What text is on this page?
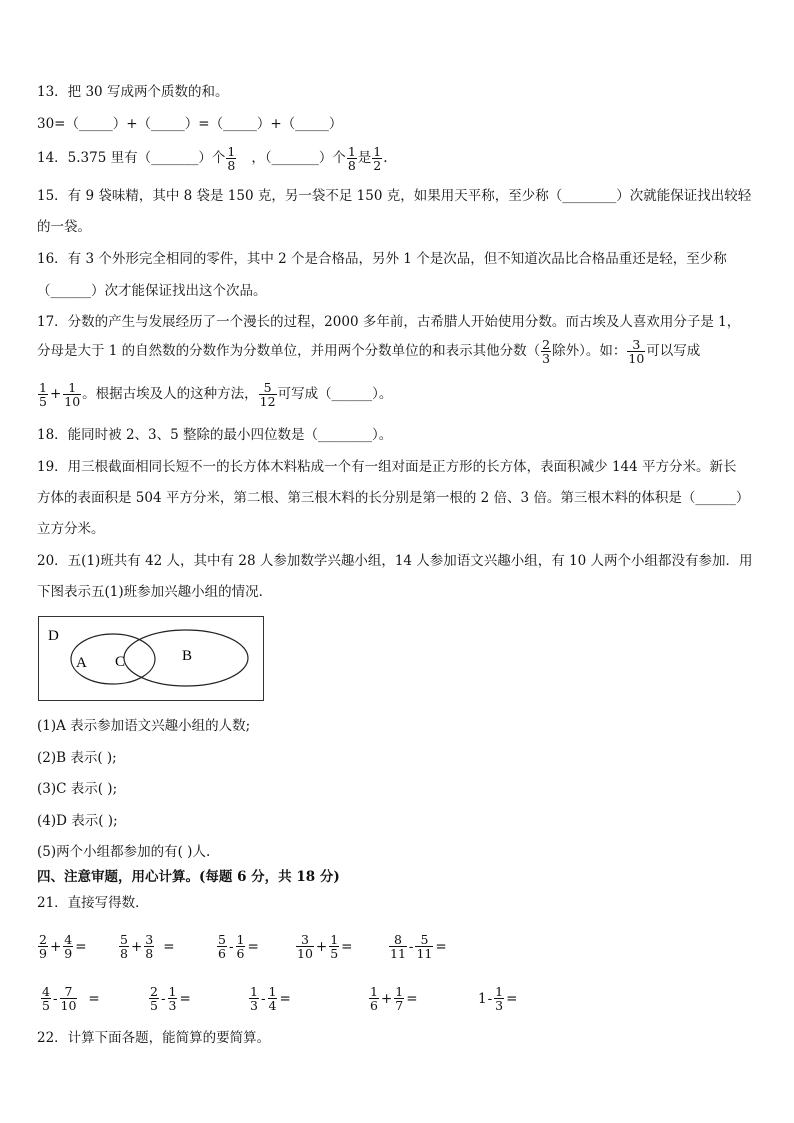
13．把 30 写成两个质数的和。
30=（_____）+（_____）=（_____）+（_____）
14．5.375 里有（_______）个 $\frac{1}{8}$ ，（_______）个 $\frac{1}{8}$ 是 $\frac{1}{2}$ .
15．有 9 袋味精，其中 8 袋是 150 克，另一袋不足 150 克，如果用天平称，至少称（________）次就能保证找出较轻
的一袋。
16．有 3 个外形完全相同的零件，其中 2 个是合格品，另外 1 个是次品，但不知道次品比合格品重还是轻，至少称
（______）次才能保证找出这个次品。
17．分数的产生与发展经历了一个漫长的过程，2000 多年前，古希腊人开始使用分数。而古埃及人喜欢用分子是 1，
分母是大于 1 的自然数的分数作为分数单位，并用两个分数单位的和表示其他分数（ $\frac{2}{3}$ 除外）。如： $\frac{3}{10}$ 可以写成
$\frac{1}{5} + \frac{1}{10}$ 。根据古埃及人的这种方法， $\frac{5}{12}$ 可写成（______）。
18．能同时被 2、3、5 整除的最小四位数是（________）。
19．用三根截面相同长短不一的长方体木料粘成一个有一组对面是正方形的长方体，表面积减少 144 平方分米。新长
方体的表面积是 504 平方分米，第二根、第三根木料的长分别是第一根的 2 倍、3 倍。第三根木料的体积是（______）
立方分米。
20．五(1)班共有 42 人，其中有 28 人参加数学兴趣小组，14 人参加语文兴趣小组，有 10 人两个小组都没有参加．用
下图表示五(1)班参加兴趣小组的情况．
D
A C	B
(1)A 表示参加语文兴趣小组的人数;
(2)B 表示( );
(3)C 表示( );
(4)D 表示( );
(5)两个小组都参加的有( )人.
四、注意审题，用心计算。(每题 6 分，共 18 分)
21．直接写得数．
$\frac{2}{9} + \frac{4}{9}$ =	$\frac{5}{8} + \frac{3}{8}$ =	$\frac{5}{6} - \frac{1}{6}$ =	$\frac{3}{10} + \frac{1}{5}$ =	$\frac{8}{11} - \frac{5}{11}$ =
$\frac{4}{5} - \frac{7}{10}$ =	$\frac{2}{5} - \frac{1}{3}$ =	$\frac{1}{3} - \frac{1}{4}$ =	$\frac{1}{6} + \frac{1}{7}$ =	$1 - \frac{1}{3}$ =
22．计算下面各题，能简算的要简算。
